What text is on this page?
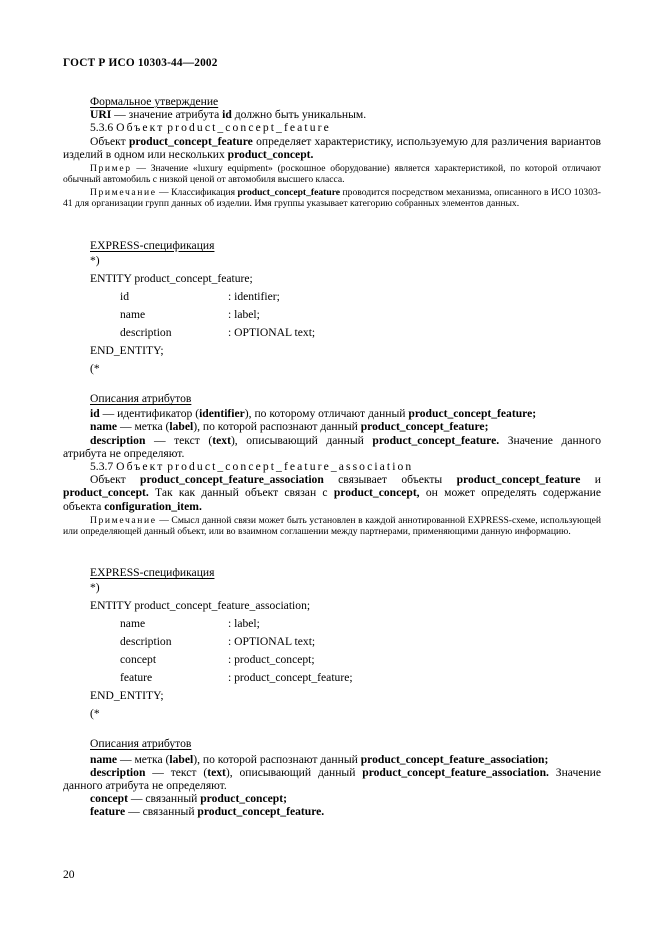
ГОСТ Р ИСО 10303-44—2002

Формальное утверждение

URI — значение атрибута id должно быть уникальным.

5.3.6 Объект product_concept_feature

Объект product_concept_feature определяет характеристику, используемую для различения вариантов изделий в одном или нескольких product_concept.

Пример — Значение «luxury equipment» (роскошное оборудование) является характеристикой, по которой отличают обычный автомобиль с низкой ценой от автомобиля высшего класса.

Примечание — Классификация product_concept_feature проводится посредством механизма, описанного в ИСО 10303-41 для организации групп данных об изделии. Имя группы указывает категорию собранных элементов данных.

EXPRESS-спецификация

*)
ENTITY product_concept_feature;
id	: identifier;
name	: label;
description	: OPTIONAL text;
END_ENTITY;
(*

Описания атрибутов

id — идентификатор (identifier), по которому отличают данный product_concept_feature;

name — метка (label), по которой распознают данный product_concept_feature;

description — текст (text), описывающий данный product_concept_feature. Значение данного атрибута не определяют.

5.3.7 Объект product_concept_feature_association

Объект product_concept_feature_association связывает объекты product_concept_feature и product_concept. Так как данный объект связан с product_concept, он может определять содержание объекта configuration_item.

Примечание — Смысл данной связи может быть установлен в каждой аннотированной EXPRESS-схеме, использующей или определяющей данный объект, или во взаимном соглашении между партнерами, применяющими данную информацию.

EXPRESS-спецификация

*)
ENTITY product_concept_feature_association;
name	: label;
description	: OPTIONAL text;
concept	: product_concept;
feature	: product_concept_feature;
END_ENTITY;
(*

Описания атрибутов

name — метка (label), по которой распознают данный product_concept_feature_association;

description — текст (text), описывающий данный product_concept_feature_association. Значение данного атрибута не определяют.

concept — связанный product_concept;

feature — связанный product_concept_feature.

20
